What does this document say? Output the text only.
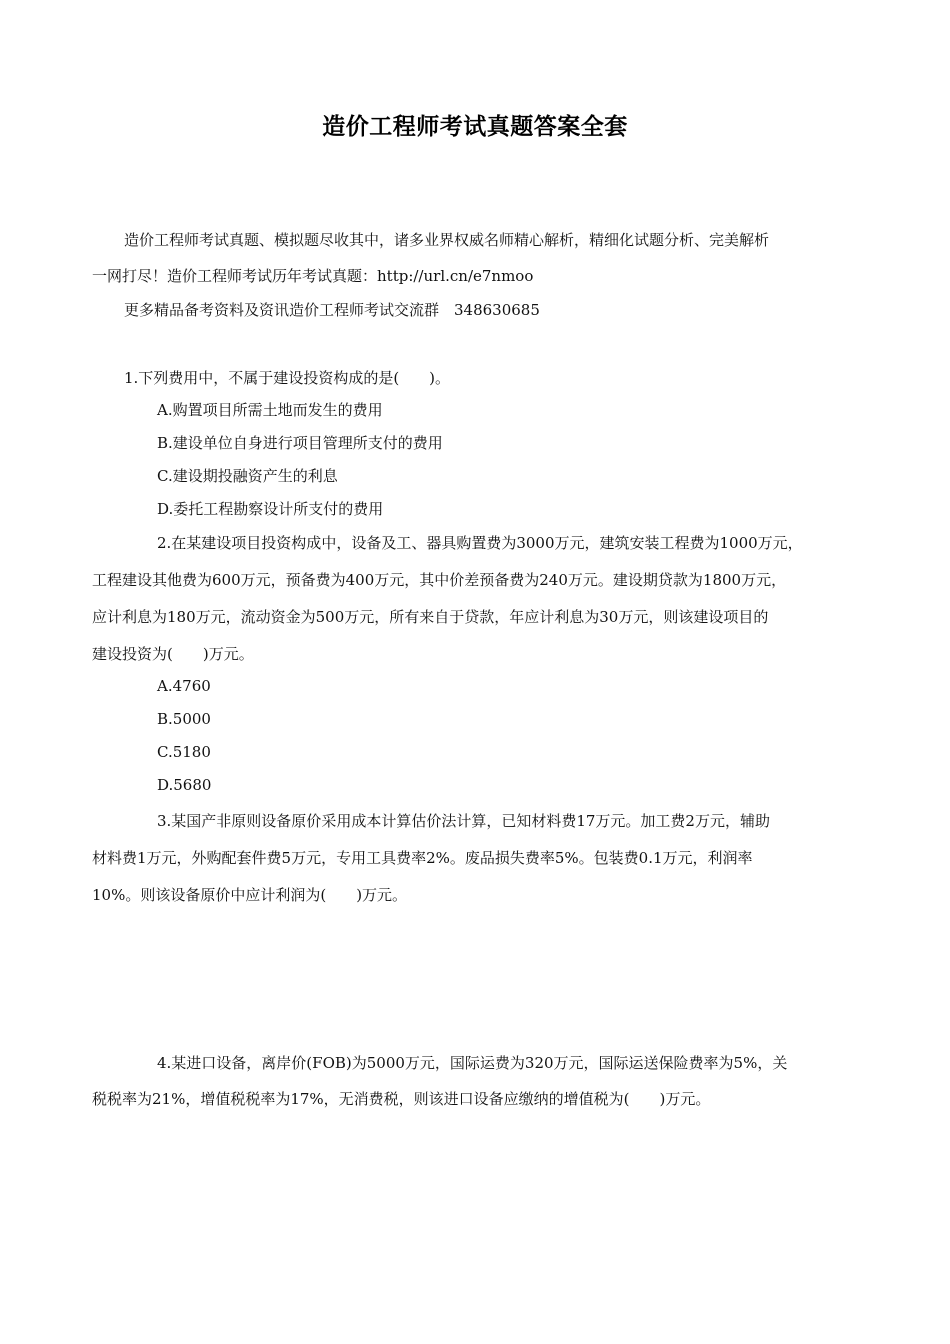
造价工程师考试真题答案全套
造价工程师考试真题、模拟题尽收其中，诸多业界权威名师精心解析，精细化试题分析、完美解析
一网打尽！造价工程师考试历年考试真题：http://url.cn/e7nmoo
更多精品备考资料及资讯造价工程师考试交流群　348630685
1.下列费用中，不属于建设投资构成的是(　　)。
A.购置项目所需土地而发生的费用
B.建设单位自身进行项目管理所支付的费用
C.建设期投融资产生的利息
D.委托工程勘察设计所支付的费用
2.在某建设项目投资构成中，设备及工、器具购置费为3000万元，建筑安装工程费为1000万元，
工程建设其他费为600万元，预备费为400万元，其中价差预备费为240万元。建设期贷款为1800万元，
应计利息为180万元，流动资金为500万元，所有来自于贷款，年应计利息为30万元，则该建设项目的
建设投资为(　　)万元。
A.4760
B.5000
C.5180
D.5680
3.某国产非原则设备原价采用成本计算估价法计算，已知材料费17万元。加工费2万元，辅助
材料费1万元，外购配套件费5万元，专用工具费率2%。废品损失费率5%。包装费0.1万元，利润率
10%。则该设备原价中应计利润为(　　)万元。
4.某进口设备，离岸价(FOB)为5000万元，国际运费为320万元，国际运送保险费率为5%，关
税税率为21%，增值税税率为17%，无消费税，则该进口设备应缴纳的增值税为(　　)万元。
